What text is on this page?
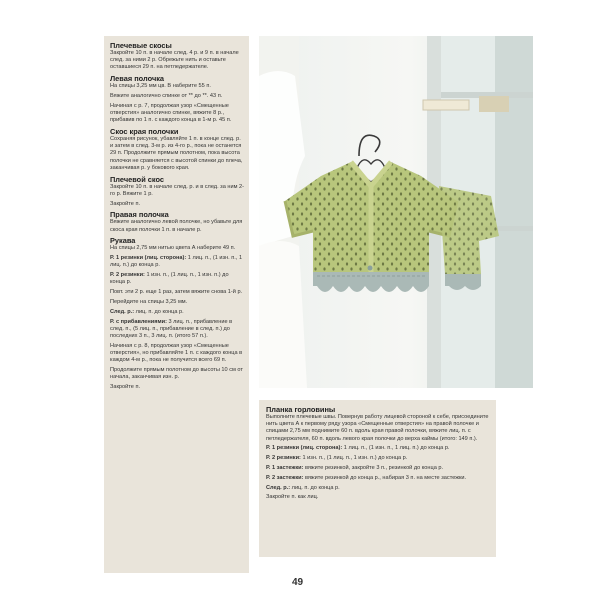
Плечевые скосы
Закройте 10 п. в начале след. 4 р. и 9 п. в начале след. за ними 2 р. Обрежьте нить и оставьте оставшиеся 29 п. на петледержателе.
Левая полочка
На спицы 3,25 мм цв. В наберите 55 п.
Вяжите аналогично спинке от ** до **. 43 п.
Начиная с р. 7, продолжая узор «Смещенные отверстия» аналогично спинке, вяжите 8 р., прибавив по 1 п. с каждого конца в 1-м р. 45 п.
Скос края полочки
Сохраняя рисунок, убавляйте 1 п. в конце след. р. и затем в след. 3-м р. из 4-го р., пока не останется 29 п. Продолжите прямым полотном, пока высота полочки не сравняется с высотой спинки до плеча, заканчивая р. у бокового края.
Плечевой скос
Закройте 10 п. в начале след. р. и в след. за ним 2-го р. Вяжите 1 р.
Закройте п.
Правая полочка
Вяжите аналогично левой полочке, но убавьте для скоса края полочки 1 п. в начале р.
Рукава
На спицы 2,75 мм нитью цвета А наберите 49 п.
Р. 1 резинки (лиц. сторона): 1 лиц. п., (1 изн. п., 1 лиц. п.) до конца р.
Р. 2 резинки: 1 изн. п., (1 лиц. п., 1 изн. п.) до конца р.
Повт. эти 2 р. еще 1 раз, затем вяжите снова 1-й р.
Перейдите на спицы 3,25 мм.
След. р.: лиц. п. до конца р.
Р. с прибавлениями: 3 лиц. п., прибавление в след. п., (5 лиц. п., прибавление в след. п.) до последних 3 п., 3 лиц. п. (итого 57 п.).
Начиная с р. 8, продолжая узор «Смещенные отверстия», но прибавляйте 1 п. с каждого конца в каждом 4-м р., пока не получится всего 69 п.
Продолжите прямым полотном до высоты 10 см от начала, заканчивая изн. р.
Закройте п.
Планка горловины
Выполните плечевые швы. Повернув работу лицевой стороной к себе, присоедините нить цвета А к первому ряду узора «Смещенные отверстия» на правой полочке и спицами 2,75 мм поднимите 60 п. вдоль края правой полочки, вяжите лиц. п. с петледержателя, 60 п. вдоль левого края полочки до верха каймы (итого: 149 п.).
Р. 1 резинки (лиц. сторона): 1 лиц. п., (1 изн. п., 1 лиц. п.) до конца р.
Р. 2 резинки: 1 изн. п., (1 лиц. п., 1 изн. п.) до конца р.
Р. 1 застежки: вяжите резинкой, закройте 3 п., резинкой до конца р.
Р. 2 застежки: вяжите резинкой до конца р., набирая 3 п. на месте застежки.
След. р.: лиц. п. до конца р.
Закройте п. как лиц.
49
